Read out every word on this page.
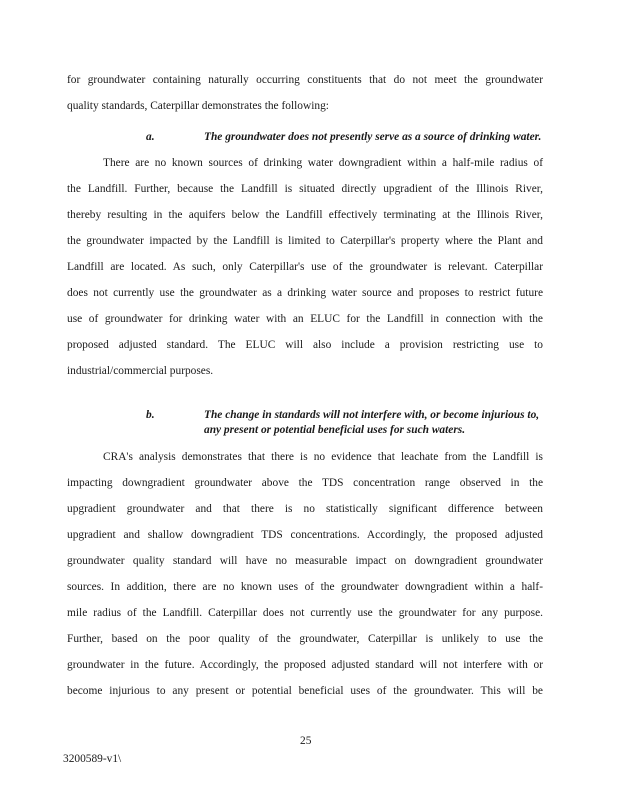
for groundwater containing naturally occurring constituents that do not meet the groundwater
quality standards, Caterpillar demonstrates the following:
a.	The groundwater does not presently serve as a source of drinking water.
There are no known sources of drinking water downgradient within a half-mile radius of
the Landfill. Further, because the Landfill is situated directly upgradient of the Illinois River,
thereby resulting in the aquifers below the Landfill effectively terminating at the Illinois River,
the groundwater impacted by the Landfill is limited to Caterpillar's property where the Plant and
Landfill are located. As such, only Caterpillar's use of the groundwater is relevant. Caterpillar
does not currently use the groundwater as a drinking water source and proposes to restrict future
use of groundwater for drinking water with an ELUC for the Landfill in connection with the
proposed adjusted standard. The ELUC will also include a provision restricting use to
industrial/commercial purposes.
b.	The change in standards will not interfere with, or become injurious to,
any present or potential beneficial uses for such waters.
CRA's analysis demonstrates that there is no evidence that leachate from the Landfill is
impacting downgradient groundwater above the TDS concentration range observed in the
upgradient groundwater and that there is no statistically significant difference between
upgradient and shallow downgradient TDS concentrations. Accordingly, the proposed adjusted
groundwater quality standard will have no measurable impact on downgradient groundwater
sources. In addition, there are no known uses of the groundwater downgradient within a half-
mile radius of the Landfill. Caterpillar does not currently use the groundwater for any purpose.
Further, based on the poor quality of the groundwater, Caterpillar is unlikely to use the
groundwater in the future. Accordingly, the proposed adjusted standard will not interfere with or
become injurious to any present or potential beneficial uses of the groundwater. This will be
25
3200589-v1\
